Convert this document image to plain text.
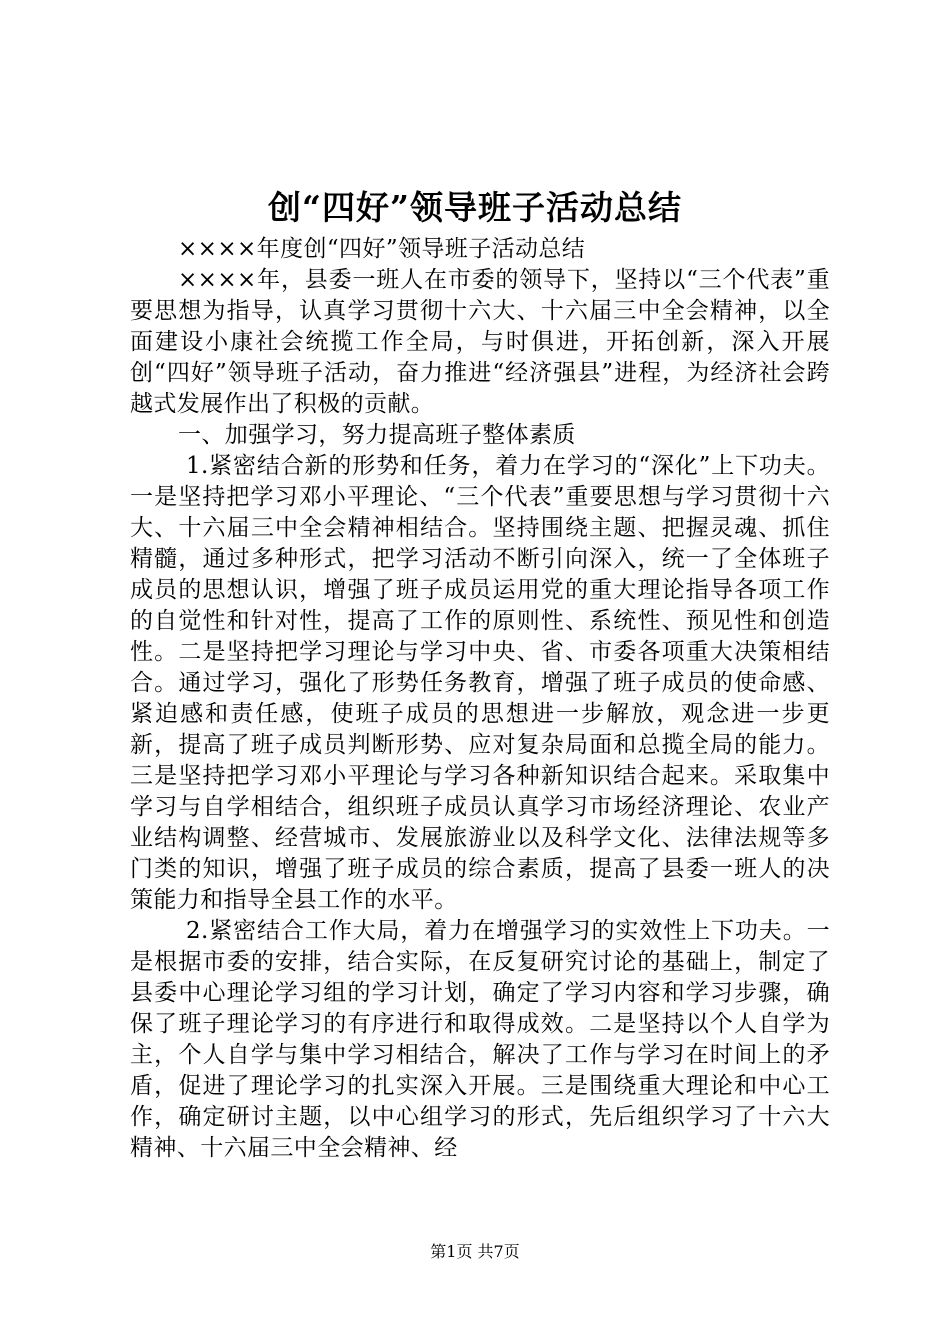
创“四好”领导班子活动总结

××××年度创“四好”领导班子活动总结

××××年，县委一班人在市委的领导下，坚持以“三个代表”重要思想为指导，认真学习贯彻十六大、十六届三中全会精神，以全面建设小康社会统揽工作全局，与时俱进，开拓创新，深入开展创“四好”领导班子活动，奋力推进“经济强县”进程，为经济社会跨越式发展作出了积极的贡献。

一、加强学习，努力提高班子整体素质

1.紧密结合新的形势和任务，着力在学习的“深化”上下功夫。一是坚持把学习邓小平理论、“三个代表”重要思想与学习贯彻十六大、十六届三中全会精神相结合。坚持围绕主题、把握灵魂、抓住精髓，通过多种形式，把学习活动不断引向深入，统一了全体班子成员的思想认识，增强了班子成员运用党的重大理论指导各项工作的自觉性和针对性，提高了工作的原则性、系统性、预见性和创造性。二是坚持把学习理论与学习中央、省、市委各项重大决策相结合。通过学习，强化了形势任务教育，增强了班子成员的使命感、紧迫感和责任感，使班子成员的思想进一步解放，观念进一步更新，提高了班子成员判断形势、应对复杂局面和总揽全局的能力。三是坚持把学习邓小平理论与学习各种新知识结合起来。采取集中学习与自学相结合，组织班子成员认真学习市场经济理论、农业产业结构调整、经营城市、发展旅游业以及科学文化、法律法规等多门类的知识，增强了班子成员的综合素质，提高了县委一班人的决策能力和指导全县工作的水平。

2.紧密结合工作大局，着力在增强学习的实效性上下功夫。一是根据市委的安排，结合实际，在反复研究讨论的基础上，制定了县委中心理论学习组的学习计划，确定了学习内容和学习步骤，确保了班子理论学习的有序进行和取得成效。二是坚持以个人自学为主，个人自学与集中学习相结合，解决了工作与学习在时间上的矛盾，促进了理论学习的扎实深入开展。三是围绕重大理论和中心工作，确定研讨主题，以中心组学习的形式，先后组织学习了十六大精神、十六届三中全会精神、经

第1页 共7页
